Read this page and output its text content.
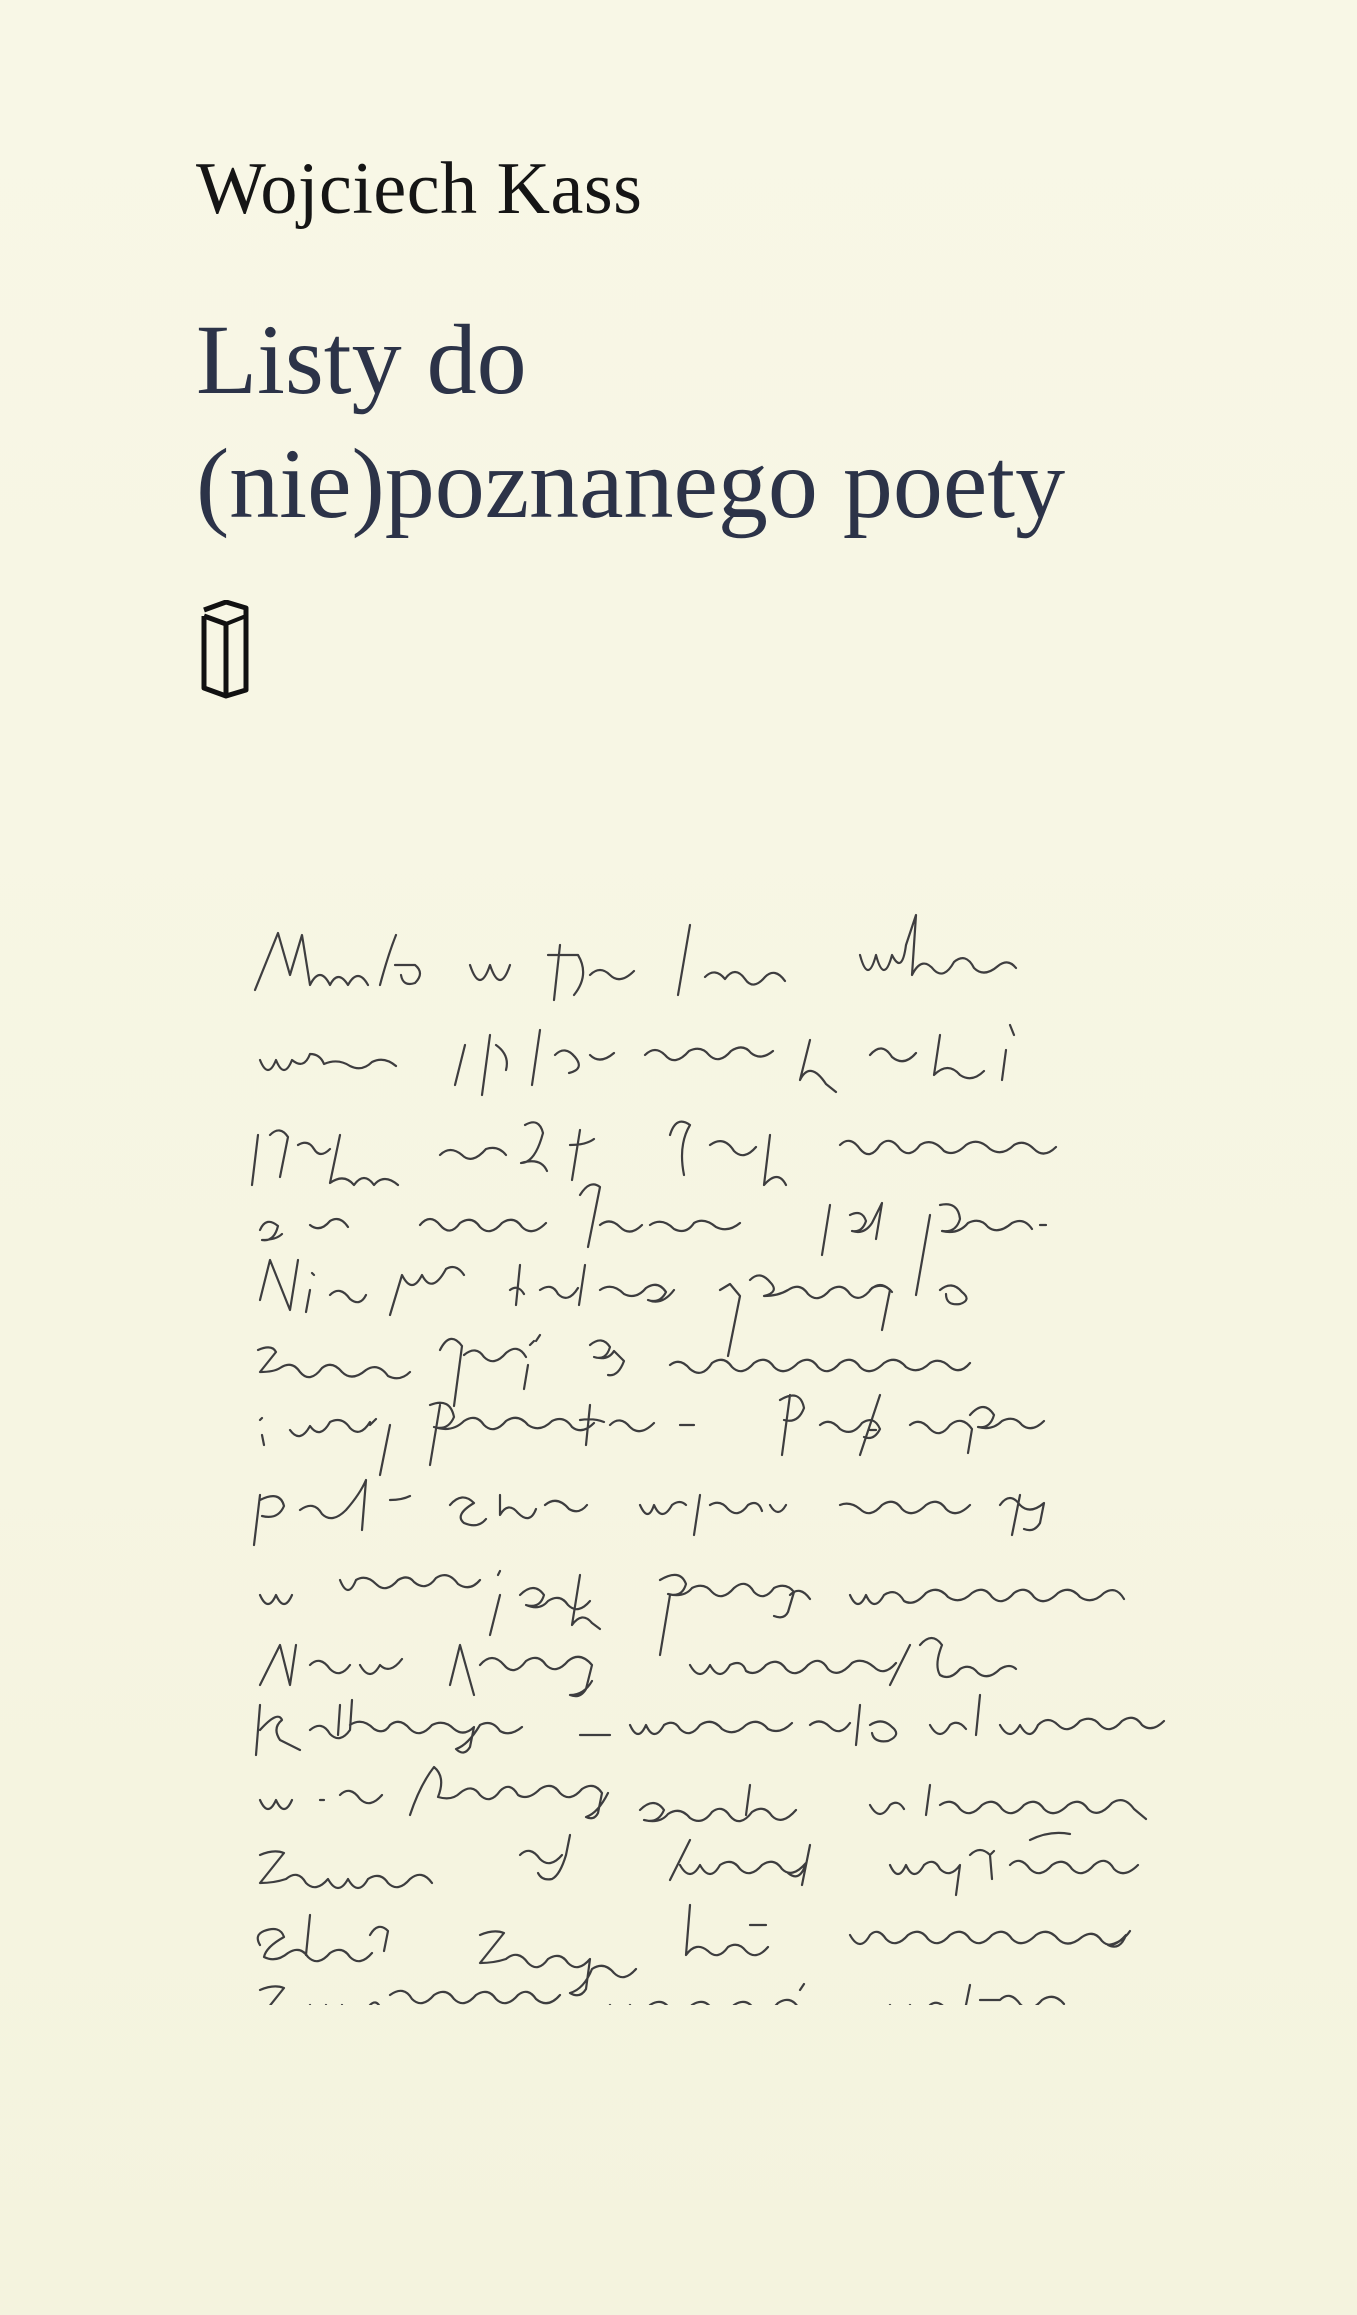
Wojciech Kass
Listy do
(nie)poznanego poety
